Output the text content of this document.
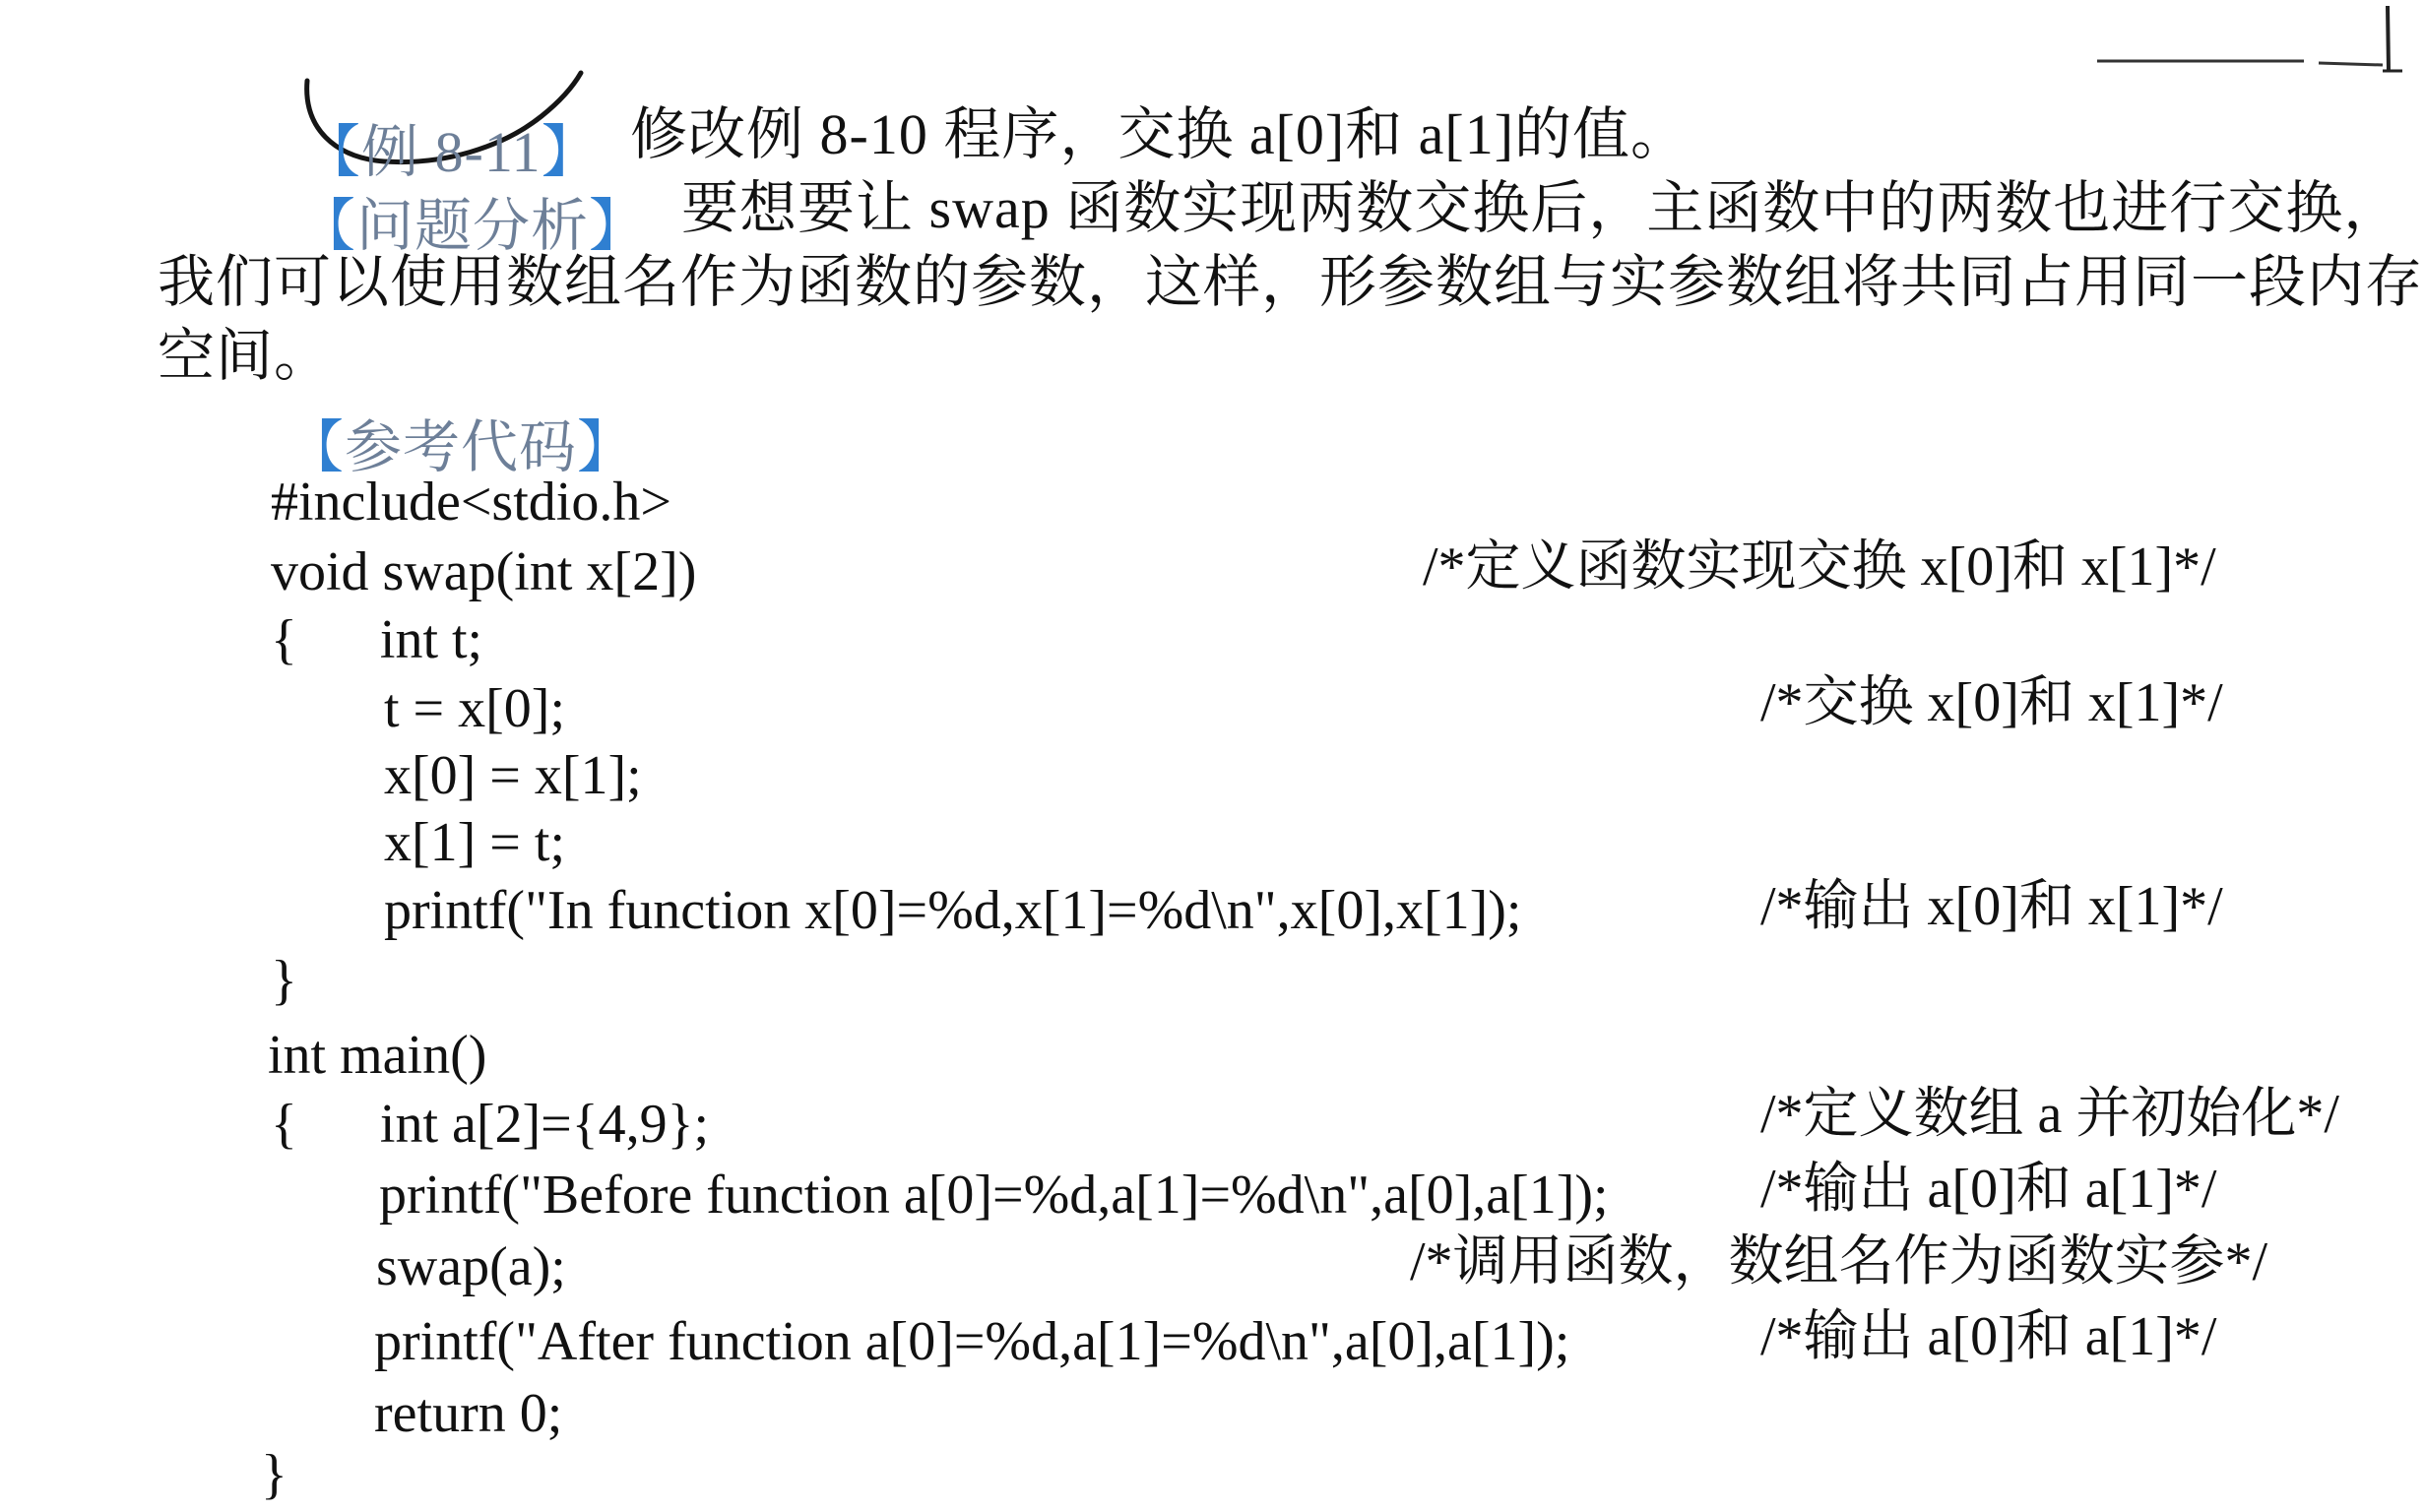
【例 8-11】 修改例 8-10 程序，交换 a[0]和 a[1]的值。

【问题分析】 要想要让 swap 函数实现两数交换后，主函数中的两数也进行交换，
我们可以使用数组名作为函数的参数，这样，形参数组与实参数组将共同占用同一段内存
空间。

【参考代码】

#include<stdio.h>
void swap(int x[2])	/*定义函数实现交换 x[0]和 x[1]*/
{      int t;
t = x[0];	/*交换 x[0]和 x[1]*/
x[0] = x[1];
x[1] = t;
printf("In function x[0]=%d,x[1]=%d\n",x[0],x[1]);	/*输出 x[0]和 x[1]*/
}
int main()
{      int a[2]={4,9};	/*定义数组 a 并初始化*/
printf("Before function a[0]=%d,a[1]=%d\n",a[0],a[1]);	/*输出 a[0]和 a[1]*/
swap(a);	/*调用函数，数组名作为函数实参*/
printf("After function a[0]=%d,a[1]=%d\n",a[0],a[1]);	/*输出 a[0]和 a[1]*/
return 0;
}
